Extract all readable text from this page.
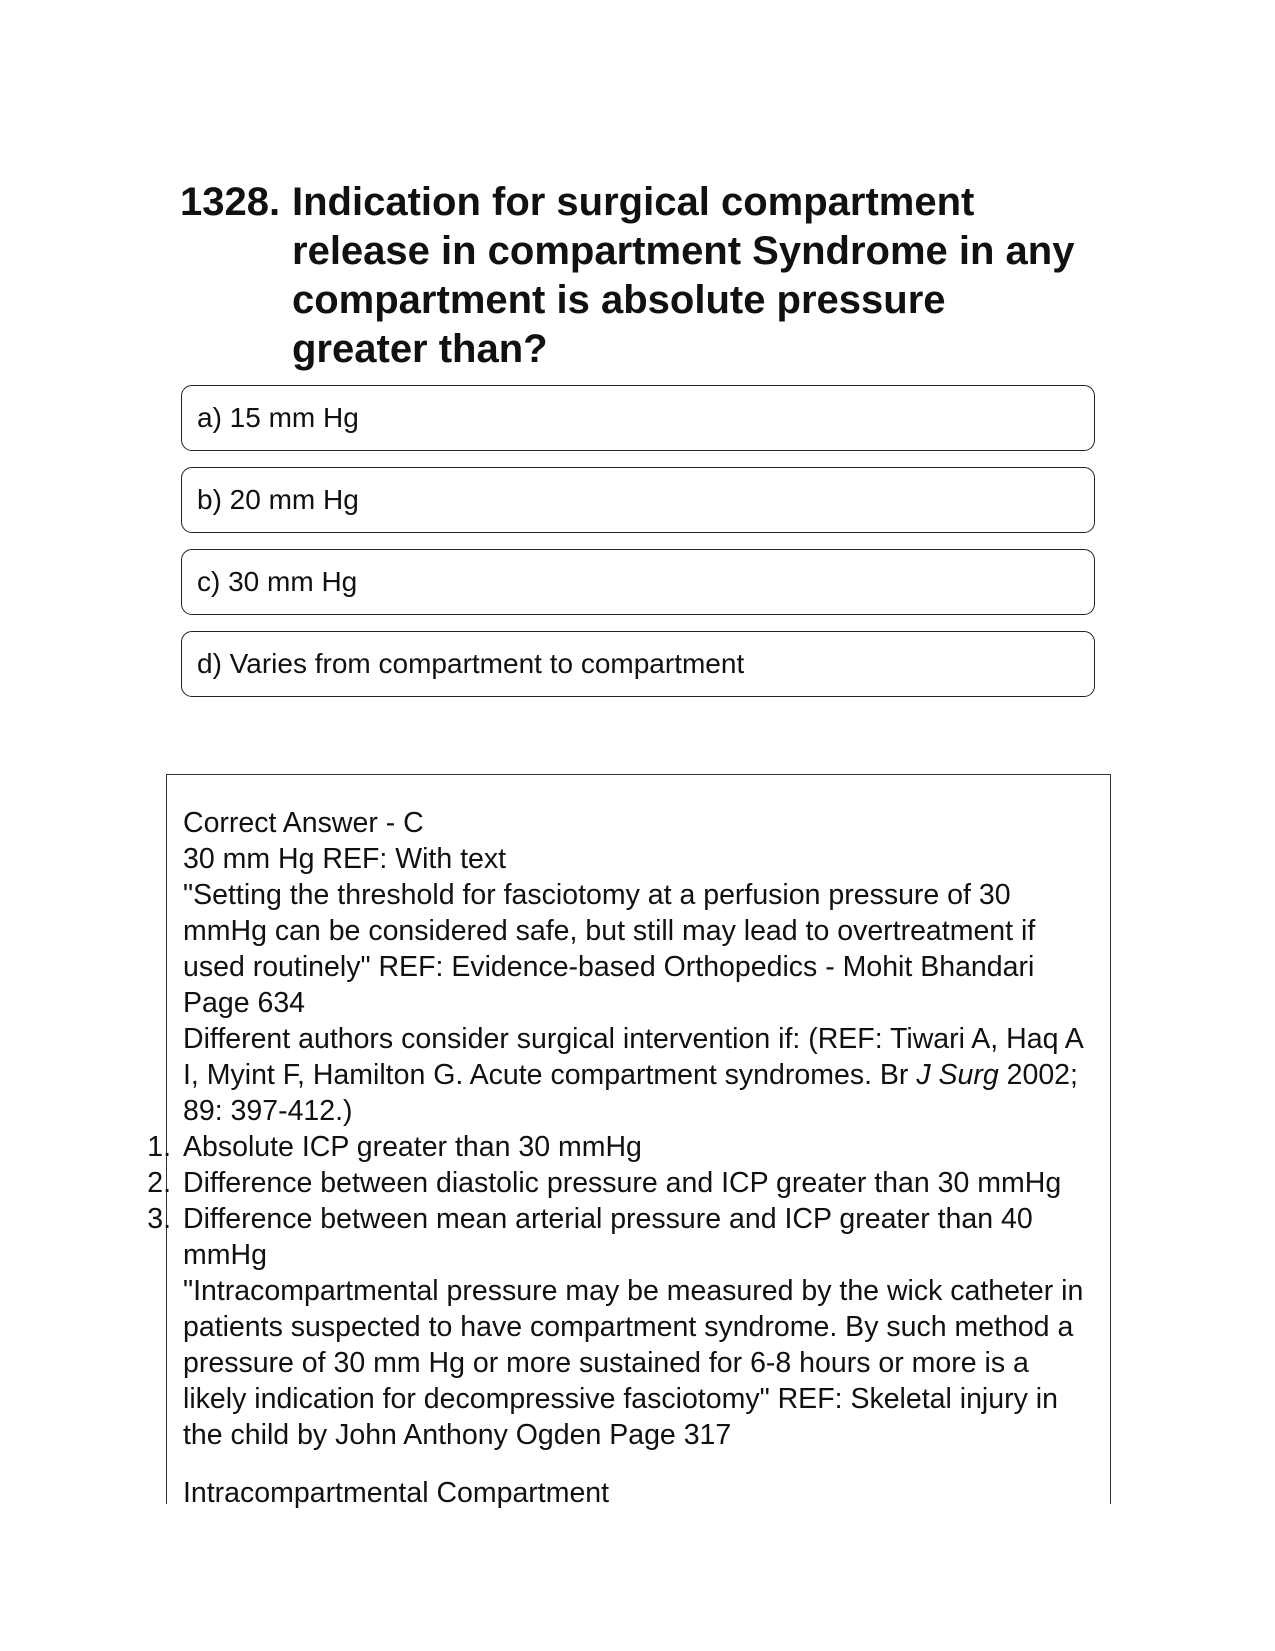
1328. Indication for surgical compartment release in compartment Syndrome in any compartment is absolute pressure greater than?
a) 15 mm Hg
b) 20 mm Hg
c) 30 mm Hg
d) Varies from compartment to compartment

Correct Answer - C

30 mm Hg REF: With text

"Setting the threshold for fasciotomy at a perfusion pressure of 30 mmHg can be considered safe, but still may lead to overtreatment if used routinely" REF: Evidence-based Orthopedics - Mohit Bhandari Page 634

Different authors consider surgical intervention if: (REF: Tiwari A, Haq A I, Myint F, Hamilton G. Acute compartment syndromes. Br J Surg 2002; 89: 397-412.)

1. Absolute ICP greater than 30 mmHg
2. Difference between diastolic pressure and ICP greater than 30 mmHg
3. Difference between mean arterial pressure and ICP greater than 40 mmHg

"Intracompartmental pressure may be measured by the wick catheter in patients suspected to have compartment syndrome. By such method a pressure of 30 mm Hg or more sustained for 6-8 hours or more is a likely indication for decompressive fasciotomy" REF: Skeletal injury in the child by John Anthony Ogden Page 317

Intracompartmental Compartment
